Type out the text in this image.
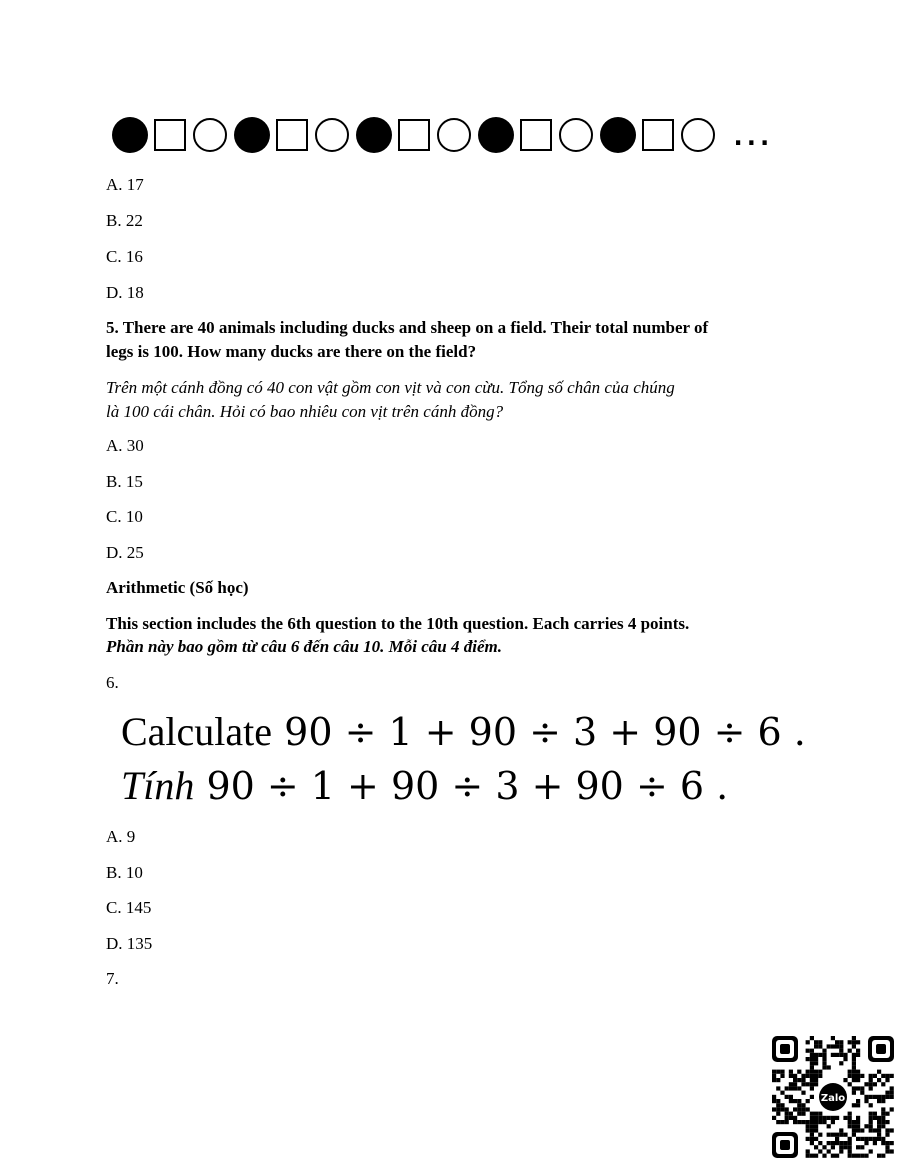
...
A. 17
B. 22
C. 16
D. 18
5. There are 40 animals including ducks and sheep on a field. Their total number of
legs is 100. How many ducks are there on the field?
Trên một cánh đồng có 40 con vật gồm con vịt và con cừu. Tổng số chân của chúng
là 100 cái chân. Hỏi có bao nhiêu con vịt trên cánh đồng?
A. 30
B. 15
C. 10
D. 25
Arithmetic (Số học)
This section includes the 6th question to the 10th question. Each carries 4 points.
Phần này bao gồm từ câu 6 đến câu 10. Mỗi câu 4 điểm.
6.
Calculate 90 ÷ 1 + 90 ÷ 3 + 90 ÷ 6 .
Tính 90 ÷ 1 + 90 ÷ 3 + 90 ÷ 6 .
A. 9
B. 10
C. 145
D. 135
7.
Zalo
